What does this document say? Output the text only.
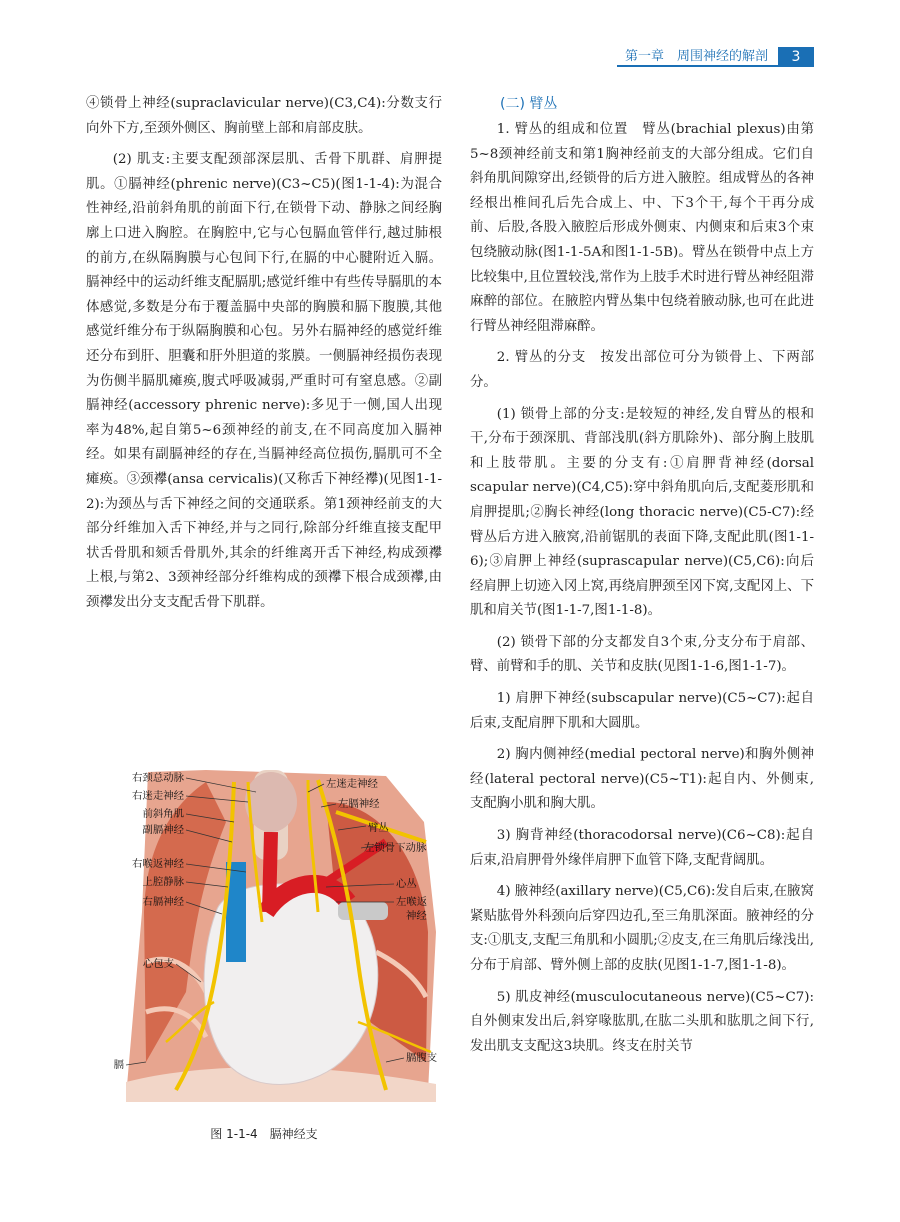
第一章　周围神经的解剖	3

④锁骨上神经(supraclavicular nerve)(C3,C4):分数支行向外下方,至颈外侧区、胸前壁上部和肩部皮肤。

(2) 肌支:主要支配颈部深层肌、舌骨下肌群、肩胛提肌。①膈神经(phrenic nerve)(C3~C5)(图1-1-4):为混合性神经,沿前斜角肌的前面下行,在锁骨下动、静脉之间经胸廓上口进入胸腔。在胸腔中,它与心包膈血管伴行,越过肺根的前方,在纵隔胸膜与心包间下行,在膈的中心腱附近入膈。膈神经中的运动纤维支配膈肌;感觉纤维中有些传导膈肌的本体感觉,多数是分布于覆盖膈中央部的胸膜和膈下腹膜,其他感觉纤维分布于纵隔胸膜和心包。另外右膈神经的感觉纤维还分布到肝、胆囊和肝外胆道的浆膜。一侧膈神经损伤表现为伤侧半膈肌瘫痪,腹式呼吸减弱,严重时可有窒息感。②副膈神经(accessory phrenic nerve):多见于一侧,国人出现率为48%,起自第5~6颈神经的前支,在不同高度加入膈神经。如果有副膈神经的存在,当膈神经高位损伤,膈肌可不全瘫痪。③颈襻(ansa cervicalis)(又称舌下神经襻)(见图1-1-2):为颈丛与舌下神经之间的交通联系。第1颈神经前支的大部分纤维加入舌下神经,并与之同行,除部分纤维直接支配甲状舌骨肌和颏舌骨肌外,其余的纤维离开舌下神经,构成颈襻上根,与第2、3颈神经部分纤维构成的颈襻下根合成颈襻,由颈襻发出分支支配舌骨下肌群。

右颈总动脉
右迷走神经
前斜角肌
副膈神经
右喉返神经
上腔静脉
右膈神经
心包支
膈
左迷走神经
左膈神经
臂丛
左锁骨下动脉
心丛
左喉返
神经
膈腹支
图 1-1-4　膈神经支
(二) 臂丛

1. 臂丛的组成和位置　臂丛(brachial plexus)由第5~8颈神经前支和第1胸神经前支的大部分组成。它们自斜角肌间隙穿出,经锁骨的后方进入腋腔。组成臂丛的各神经根出椎间孔后先合成上、中、下3个干,每个干再分成前、后股,各股入腋腔后形成外侧束、内侧束和后束3个束包绕腋动脉(图1-1-5A和图1-1-5B)。臂丛在锁骨中点上方比较集中,且位置较浅,常作为上肢手术时进行臂丛神经阻滞麻醉的部位。在腋腔内臂丛集中包绕着腋动脉,也可在此进行臂丛神经阻滞麻醉。

2. 臂丛的分支　按发出部位可分为锁骨上、下两部分。

(1) 锁骨上部的分支:是较短的神经,发自臂丛的根和干,分布于颈深肌、背部浅肌(斜方肌除外)、部分胸上肢肌和上肢带肌。主要的分支有:①肩胛背神经(dorsal scapular nerve)(C4,C5):穿中斜角肌向后,支配菱形肌和肩胛提肌;②胸长神经(long thoracic nerve)(C5-C7):经臂丛后方进入腋窝,沿前锯肌的表面下降,支配此肌(图1-1-6);③肩胛上神经(suprascapular nerve)(C5,C6):向后经肩胛上切迹入冈上窝,再绕肩胛颈至冈下窝,支配冈上、下肌和肩关节(图1-1-7,图1-1-8)。

(2) 锁骨下部的分支都发自3个束,分支分布于肩部、臂、前臂和手的肌、关节和皮肤(见图1-1-6,图1-1-7)。

1) 肩胛下神经(subscapular nerve)(C5~C7):起自后束,支配肩胛下肌和大圆肌。

2) 胸内侧神经(medial pectoral nerve)和胸外侧神经(lateral pectoral nerve)(C5~T1):起自内、外侧束,支配胸小肌和胸大肌。

3) 胸背神经(thoracodorsal nerve)(C6~C8):起自后束,沿肩胛骨外缘伴肩胛下血管下降,支配背阔肌。

4) 腋神经(axillary nerve)(C5,C6):发自后束,在腋窝紧贴肱骨外科颈向后穿四边孔,至三角肌深面。腋神经的分支:①肌支,支配三角肌和小圆肌;②皮支,在三角肌后缘浅出,分布于肩部、臂外侧上部的皮肤(见图1-1-7,图1-1-8)。

5) 肌皮神经(musculocutaneous nerve)(C5~C7):自外侧束发出后,斜穿喙肱肌,在肱二头肌和肱肌之间下行,发出肌支支配这3块肌。终支在肘关节
